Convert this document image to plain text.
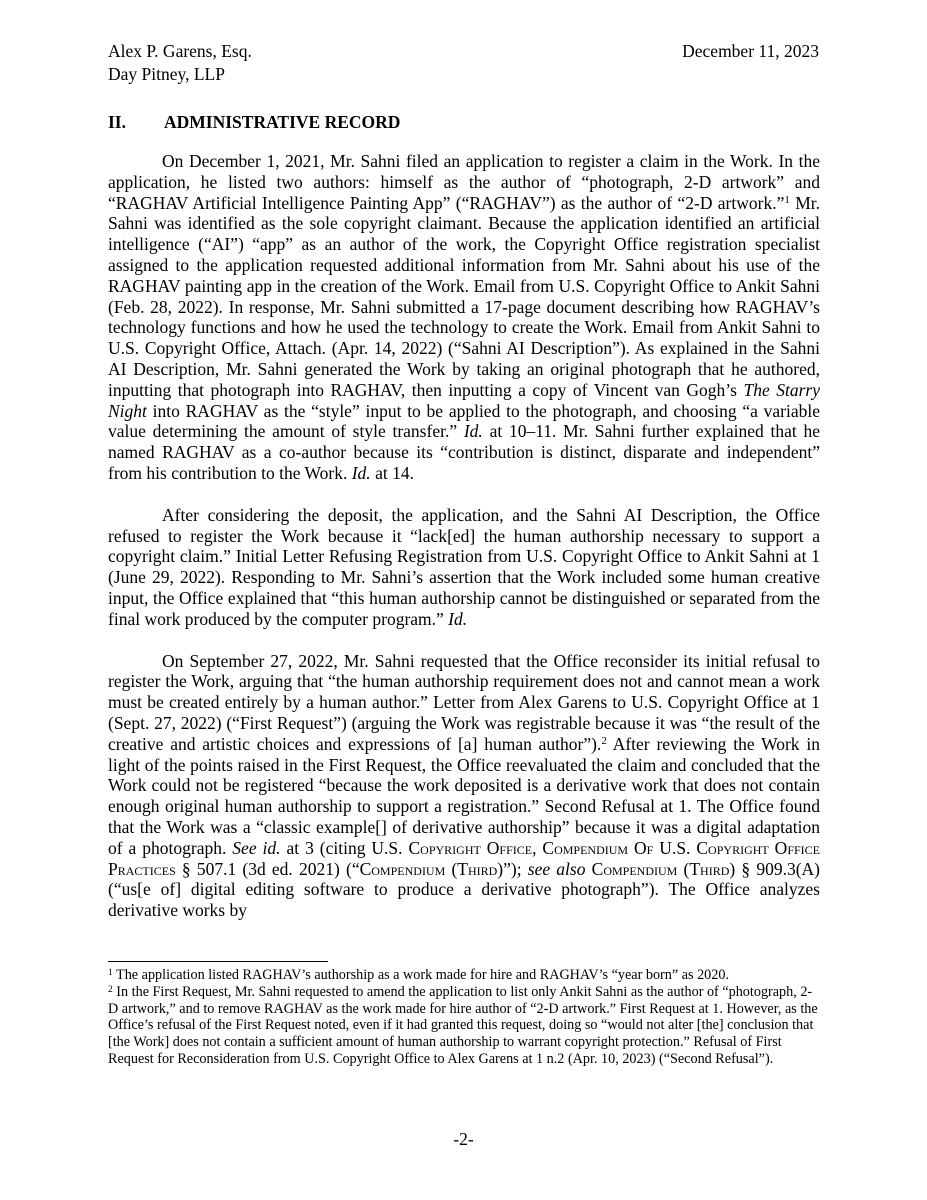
Alex P. Garens, Esq.
Day Pitney, LLP
December 11, 2023
II. ADMINISTRATIVE RECORD

On December 1, 2021, Mr. Sahni filed an application to register a claim in the Work. In the application, he listed two authors: himself as the author of “photograph, 2-D artwork” and “RAGHAV Artificial Intelligence Painting App” (“RAGHAV”) as the author of “2-D artwork.”$^1$ Mr. Sahni was identified as the sole copyright claimant. Because the application identified an artificial intelligence (“AI”) “app” as an author of the work, the Copyright Office registration specialist assigned to the application requested additional information from Mr. Sahni about his use of the RAGHAV painting app in the creation of the Work. Email from U.S. Copyright Office to Ankit Sahni (Feb. 28, 2022). In response, Mr. Sahni submitted a 17-page document describing how RAGHAV’s technology functions and how he used the technology to create the Work. Email from Ankit Sahni to U.S. Copyright Office, Attach. (Apr. 14, 2022) (“Sahni AI Description”). As explained in the Sahni AI Description, Mr. Sahni generated the Work by taking an original photograph that he authored, inputting that photograph into RAGHAV, then inputting a copy of Vincent van Gogh’s The Starry Night into RAGHAV as the “style” input to be applied to the photograph, and choosing “a variable value determining the amount of style transfer.” Id. at 10–11. Mr. Sahni further explained that he named RAGHAV as a co-author because its “contribution is distinct, disparate and independent” from his contribution to the Work. Id. at 14.

After considering the deposit, the application, and the Sahni AI Description, the Office refused to register the Work because it “lack[ed] the human authorship necessary to support a copyright claim.” Initial Letter Refusing Registration from U.S. Copyright Office to Ankit Sahni at 1 (June 29, 2022). Responding to Mr. Sahni’s assertion that the Work included some human creative input, the Office explained that “this human authorship cannot be distinguished or separated from the final work produced by the computer program.” Id.

On September 27, 2022, Mr. Sahni requested that the Office reconsider its initial refusal to register the Work, arguing that “the human authorship requirement does not and cannot mean a work must be created entirely by a human author.” Letter from Alex Garens to U.S. Copyright Office at 1 (Sept. 27, 2022) (“First Request”) (arguing the Work was registrable because it was “the result of the creative and artistic choices and expressions of [a] human author”).$^2$ After reviewing the Work in light of the points raised in the First Request, the Office reevaluated the claim and concluded that the Work could not be registered “because the work deposited is a derivative work that does not contain enough original human authorship to support a registration.” Second Refusal at 1. The Office found that the Work was a “classic example[] of derivative authorship” because it was a digital adaptation of a photograph. See id. at 3 (citing U.S. Copyright Office, Compendium Of U.S. Copyright Office Practices § 507.1 (3d ed. 2021) (“Compendium (Third)”); see also Compendium (Third) § 909.3(A) (“us[e of] digital editing software to produce a derivative photograph”). The Office analyzes derivative works by

$^1$ The application listed RAGHAV’s authorship as a work made for hire and RAGHAV’s “year born” as 2020.

$^2$ In the First Request, Mr. Sahni requested to amend the application to list only Ankit Sahni as the author of “photograph, 2-D artwork,” and to remove RAGHAV as the work made for hire author of “2-D artwork.” First Request at 1. However, as the Office’s refusal of the First Request noted, even if it had granted this request, doing so “would not alter [the] conclusion that [the Work] does not contain a sufficient amount of human authorship to warrant copyright protection.” Refusal of First Request for Reconsideration from U.S. Copyright Office to Alex Garens at 1 n.2 (Apr. 10, 2023) (“Second Refusal”).

-2-
